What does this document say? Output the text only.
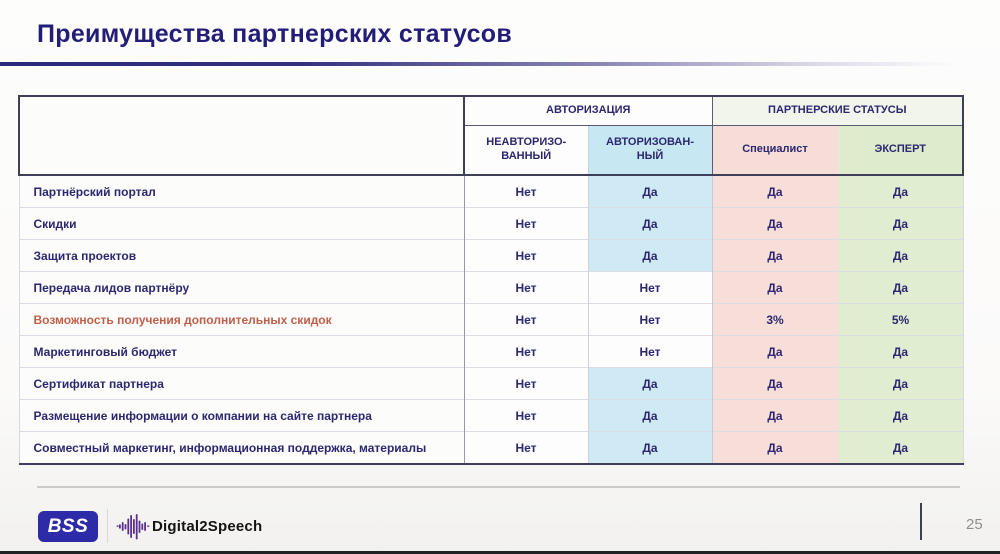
Преимущества партнерских статусов
	АВТОРИЗАЦИЯ		ПАРТНЕРСКИЕ СТАТУСЫ	
	НЕАВТОРИЗО-ВАННЫЙ	АВТОРИЗОВАН-НЫЙ	Специалист	ЭКСПЕРТ
Партнёрский портал	Нет	Да	Да	Да
Скидки	Нет	Да	Да	Да
Защита проектов	Нет	Да	Да	Да
Передача лидов партнёру	Нет	Нет	Да	Да
Возможность получения дополнительных скидок	Нет	Нет	3%	5%
Маркетинговый бюджет	Нет	Нет	Да	Да
Сертификат партнера	Нет	Да	Да	Да
Размещение информации о компании на сайте партнера	Нет	Да	Да	Да
Совместный маркетинг, информационная поддержка, материалы	Нет	Да	Да	Да
BSS	Digital2Speech	25
